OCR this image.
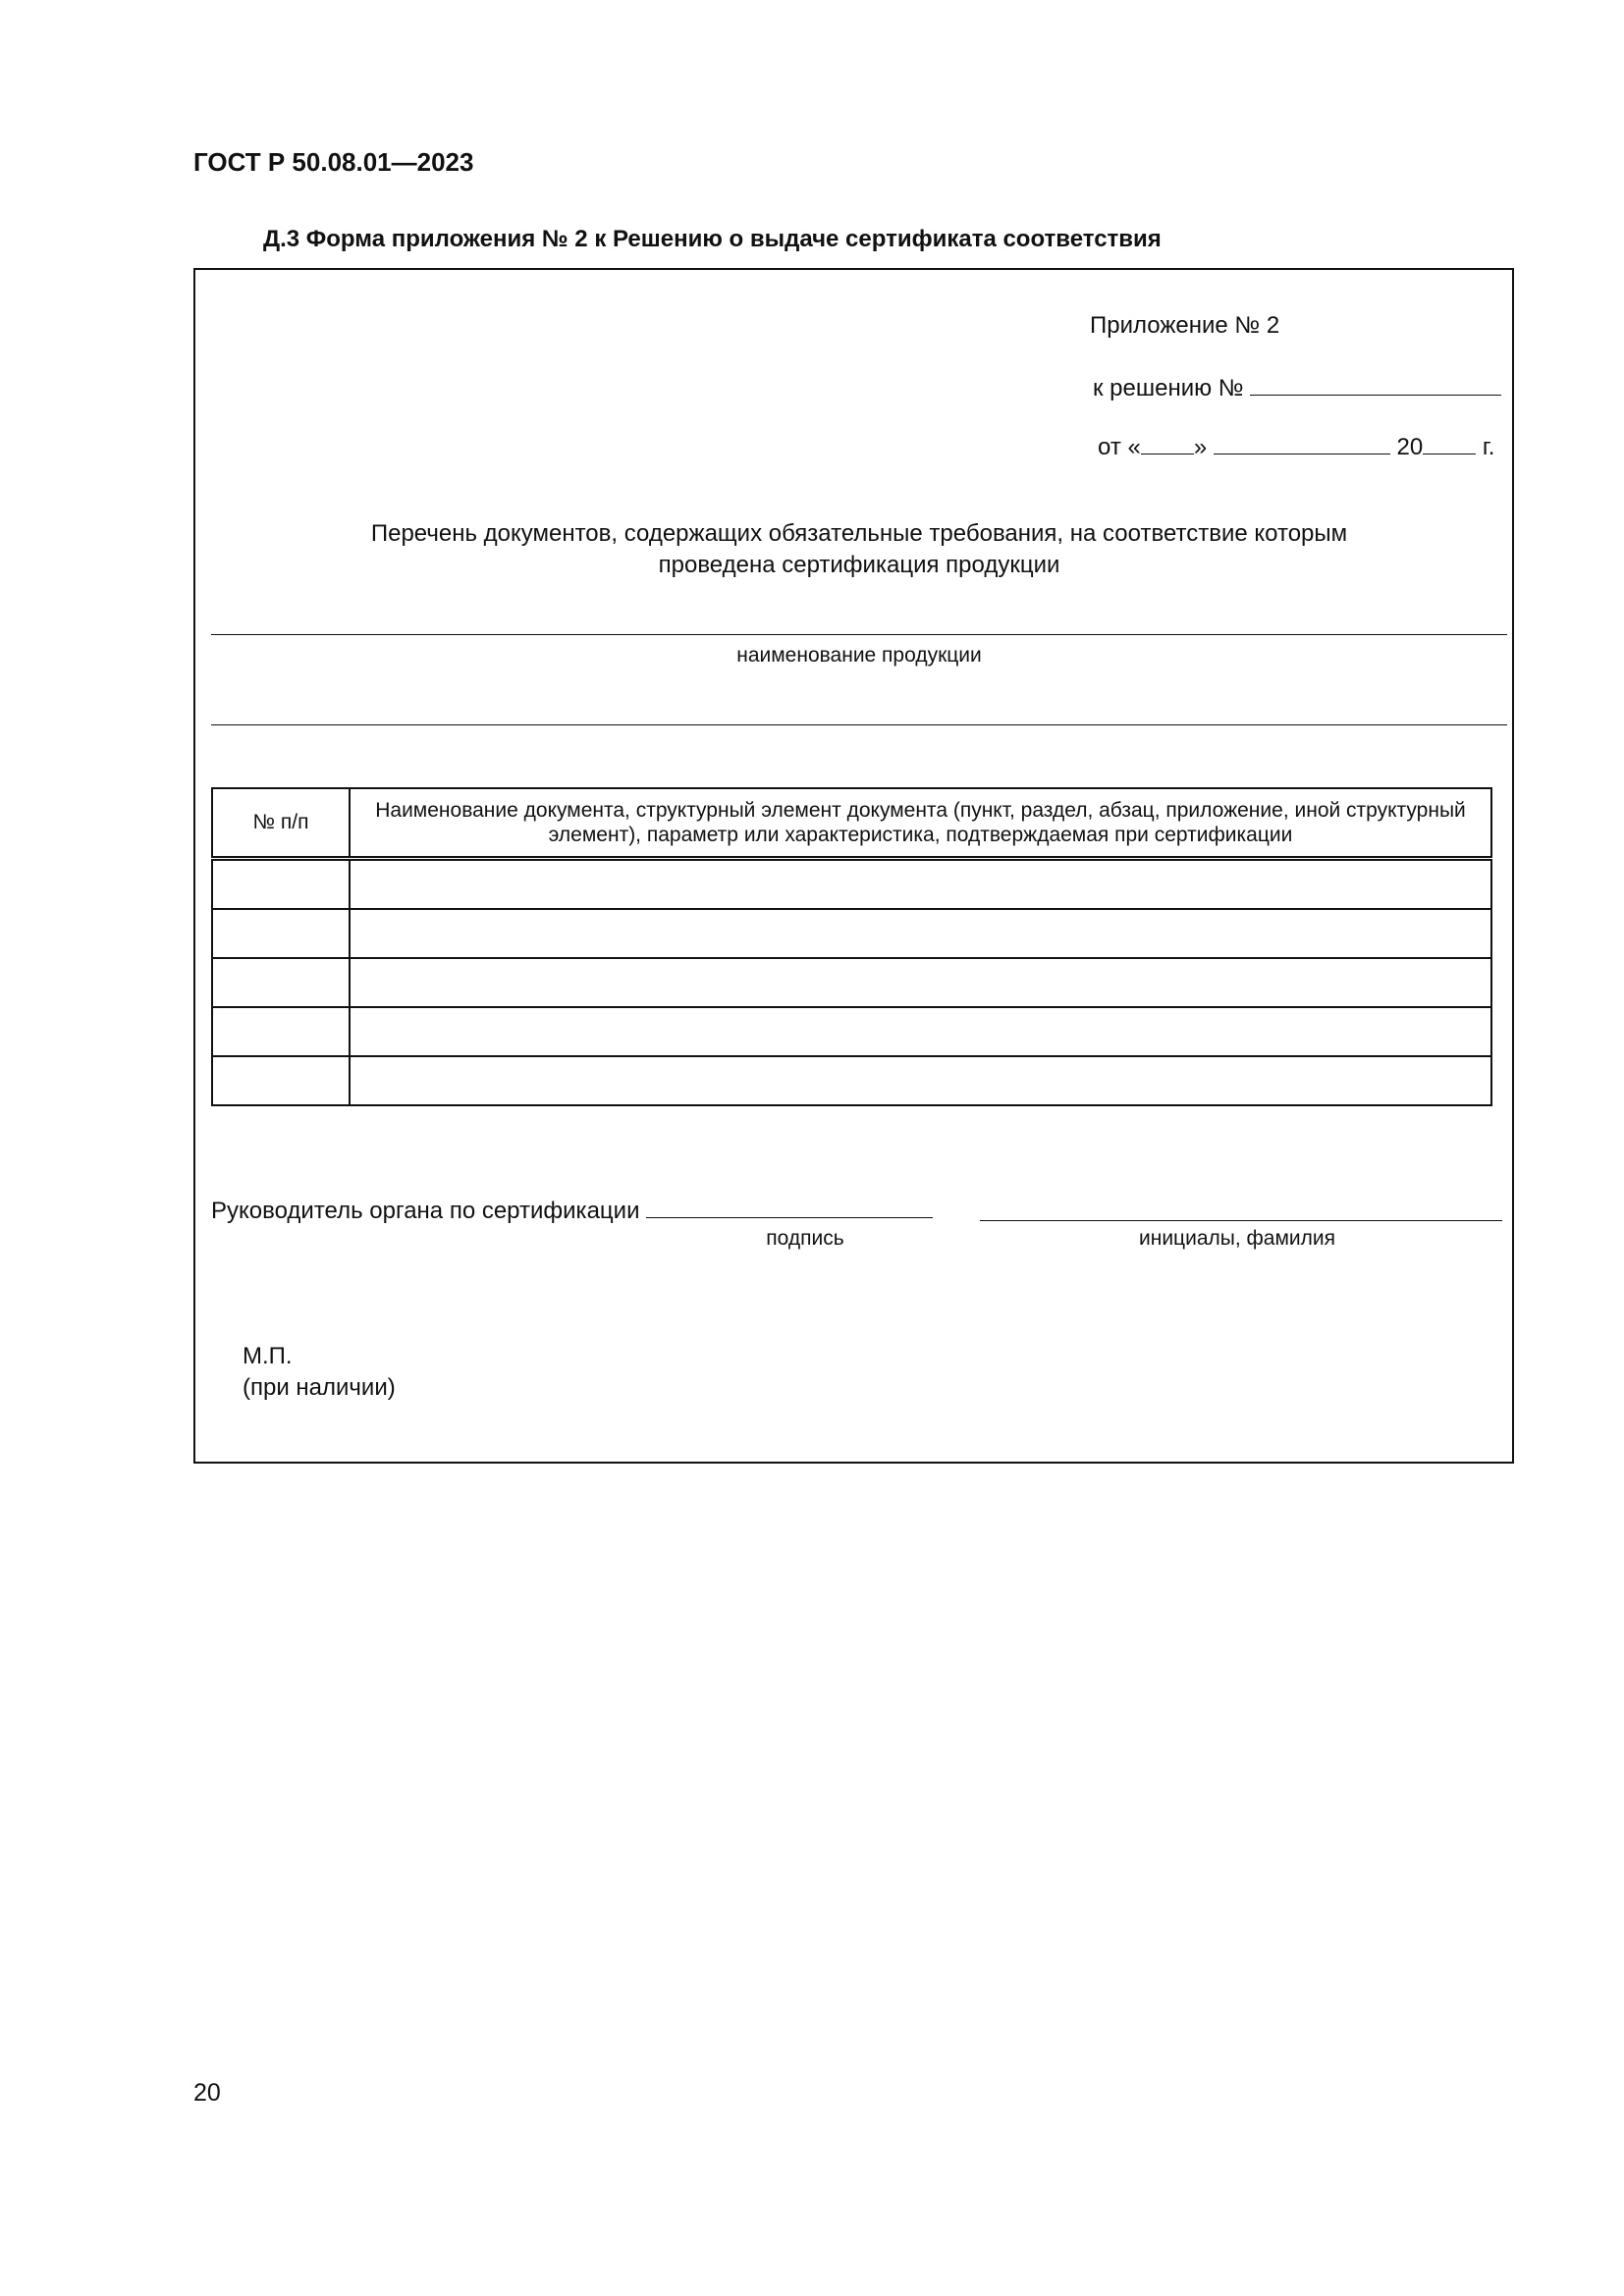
ГОСТ Р 50.08.01—2023
Д.3 Форма приложения № 2 к Решению о выдаче сертификата соответствия
Приложение № 2
к решению №
от « »	20	г.
Перечень документов, содержащих обязательные требования, на соответствие которым
проведена сертификация продукции
наименование продукции
№ п/п	Наименование документа, структурный элемент документа (пункт, раздел, абзац, приложение, иной структурный элемент), параметр или характеристика, подтверждаемая при сертификации

Руководитель органа по сертификации
подпись	инициалы, фамилия
М.П.
(при наличии)
20
